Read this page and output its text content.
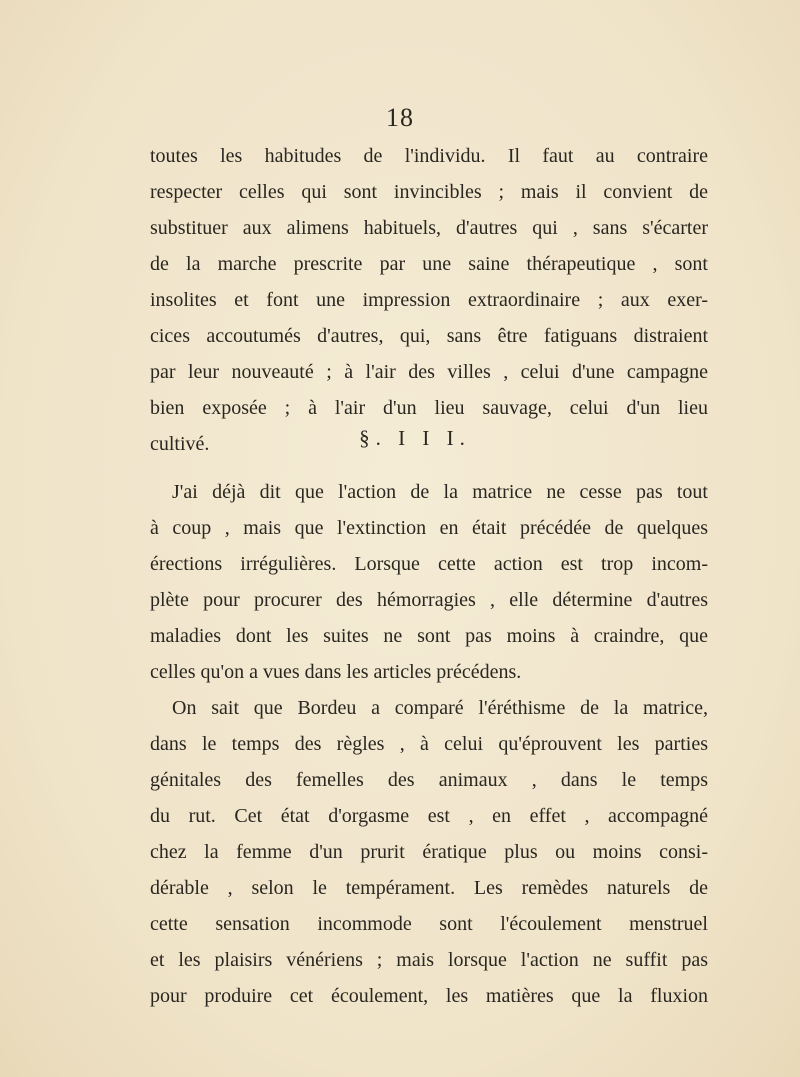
18
toutes les habitudes de l'individu. Il faut au contraire
respecter celles qui sont invincibles ; mais il convient de
substituer aux alimens habituels, d'autres qui , sans s'écarter
de la marche prescrite par une saine thérapeutique , sont
insolites et font une impression extraordinaire ; aux exer-
cices accoutumés d'autres, qui, sans être fatiguans distraient
par leur nouveauté ; à l'air des villes , celui d'une campagne
bien exposée ; à l'air d'un lieu sauvage, celui d'un lieu
cultivé.	§. I I I.
J'ai déjà dit que l'action de la matrice ne cesse pas tout
à coup , mais que l'extinction en était précédée de quelques
érections irrégulières. Lorsque cette action est trop incom-
plète pour procurer des hémorragies , elle détermine d'autres
maladies dont les suites ne sont pas moins à craindre, que
celles qu'on a vues dans les articles précédens.
On sait que Bordeu a comparé l'éréthisme de la matrice,
dans le temps des règles , à celui qu'éprouvent les parties
génitales des femelles des animaux , dans le temps
du rut. Cet état d'orgasme est , en effet , accompagné
chez la femme d'un prurit ératique plus ou moins consi-
dérable , selon le tempérament. Les remèdes naturels de
cette sensation incommode sont l'écoulement menstruel
et les plaisirs vénériens ; mais lorsque l'action ne suffit pas
pour produire cet écoulement, les matières que la fluxion
